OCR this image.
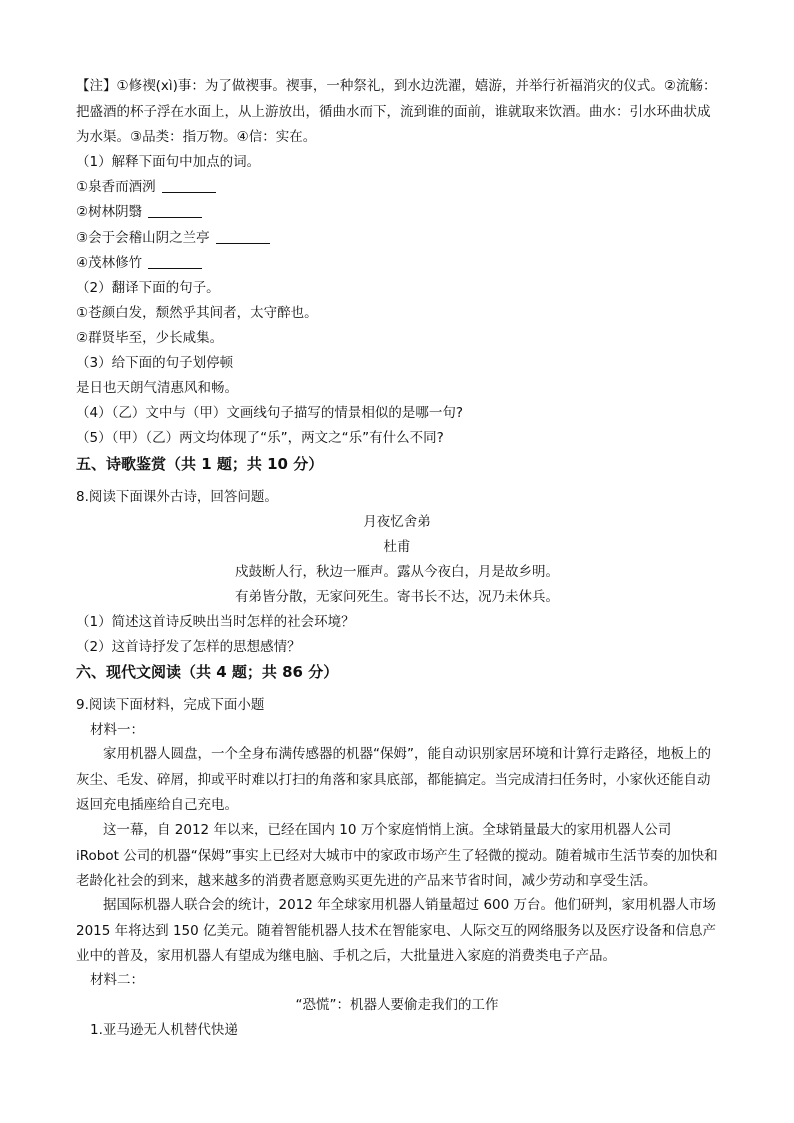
【注】①修禊(xì)事：为了做禊事。禊事，一种祭礼，到水边洗濯，嬉游，并举行祈福消灾的仪式。②流觞：把盛酒的杯子浮在水面上，从上游放出，循曲水而下，流到谁的面前，谁就取来饮酒。曲水：引水环曲状成为水渠。③品类：指万物。④信：实在。
（1）解释下面句中加点的词。
①泉香而酒洌
②树林阴翳
③会于会稽山阴之兰亭
④茂林修竹
（2）翻译下面的句子。
①苍颜白发，颓然乎其间者，太守醉也。
②群贤毕至，少长咸集。
（3）给下面的句子划停顿
是日也天朗气清惠风和畅。
（4）（乙）文中与（甲）文画线句子描写的情景相似的是哪一句?
（5）（甲）（乙）两文均体现了“乐”，两文之“乐”有什么不同?
五、诗歌鉴赏（共 1 题；共 10 分）
8.阅读下面课外古诗，回答问题。
月夜忆舍弟
杜甫
戍鼓断人行，秋边一雁声。露从今夜白，月是故乡明。
有弟皆分散，无家问死生。寄书长不达，况乃未休兵。
（1）简述这首诗反映出当时怎样的社会环境？
（2）这首诗抒发了怎样的思想感情？
六、现代文阅读（共 4 题；共 86 分）
9.阅读下面材料，完成下面小题
材料一：
家用机器人圆盘，一个全身布满传感器的机器“保姆”，能自动识别家居环境和计算行走路径，地板上的灰尘、毛发、碎屑，抑或平时难以打扫的角落和家具底部，都能搞定。当完成清扫任务时，小家伙还能自动返回充电插座给自己充电。
这一幕，自 2012 年以来，已经在国内 10 万个家庭悄悄上演。全球销量最大的家用机器人公司 iRobot 公司的机器“保姆”事实上已经对大城市中的家政市场产生了轻微的搅动。随着城市生活节奏的加快和老龄化社会的到来，越来越多的消费者愿意购买更先进的产品来节省时间，减少劳动和享受生活。
据国际机器人联合会的统计，2012 年全球家用机器人销量超过 600 万台。他们研判，家用机器人市场 2015 年将达到 150 亿美元。随着智能机器人技术在智能家电、人际交互的网络服务以及医疗设备和信息产业中的普及，家用机器人有望成为继电脑、手机之后，大批量进入家庭的消费类电子产品。
材料二：
“恐慌”：机器人要偷走我们的工作
1.亚马逊无人机替代快递
